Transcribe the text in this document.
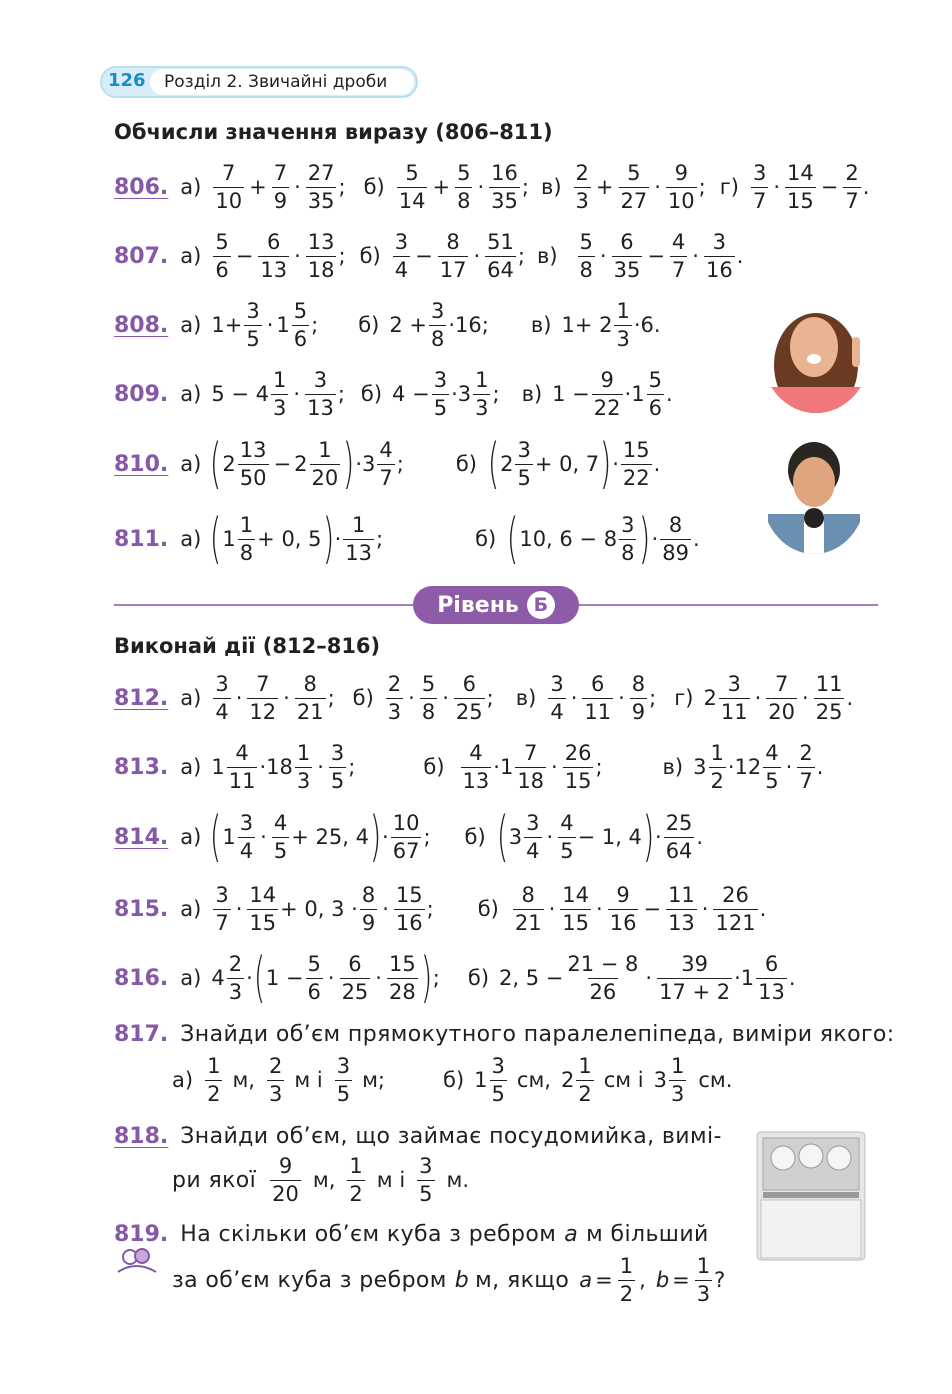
126 Розділ 2. Звичайні дроби
Обчисли значення виразу (806–811)
806. а)
7
10
+ $\frac{7}{9}$ ·
27
35
; б)
5
14
+ $\frac{5}{8}$ ·
16
35
; в)
2
3
+ $\frac{5}{27}$ ·
9
10
; г)
3
7
·
14
15
− $\frac{2}{7}$ .
807. а)
5
6
− $\frac{6}{13}$ ·
13
18
; б)
3
4
− $\frac{8}{17}$ ·
51
64
; в)
5
8
·
6
35
− $\frac{4}{7}$ ·
3
16
.
808. а) $1+ \frac{3}{5} \cdot 1$
5
6
; б) $2 + \frac{3}{8} \cdot 16$; в) 1+ 2
1
3
·6.
809. а) 5 − 4
1
3
·
3
13
; б) $4 - \frac{3}{5} \cdot 3$
1
3
; в) $1 - \frac{9}{22} \cdot 1$
5
6
.
810. а) ( 2
13
50
− 2
1
20 ) ·3
4
7
; б) ( 2
3
5
+ 0, 7 ) ·
15
22
.
811. а) ( 1
1
8
+ 0, 5 ) ·
1
13
;	б) ( 10, 6 − 8
3
8 ) ·
8
89
.
Рівень Б
Виконай дії (812–816)
812. а)
3
4
·
7
12
·
8
21
; б)
2
3
·
5
8
·
6
25
; в)
3
4
·
6
11
·
8
9
; г) 2
3
11
·
7
20
·
11
25
.
813. а) 1
4
11
·18
1
3
·
3
5
;	б)
4
13
·1
7
18
·
26
15
;	в) 3
1
2
·12
4
5
·
2
7
.
814. а) ( 1
3
4
·
4
5
+ 25, 4 ) ·
10
67
; б) ( 3
3
4
·
4
5
− 1, 4 ) ·
25
64
.
815. а)
3
7
·
14
15
+ 0, 3 ·
8
9
·
15
16
; б)
8
21
·
14
15
·
9
16
− $\frac{11}{13}$ ·
26
121
.
816. а) 4
2
3
· ( $1 - \frac{5}{6}$ ·
6
25
·
15
28 ) ; б) 2, $5 - \frac{21 - 8}{26}$ ·
39
17 + 2
·1
6
13
.
817. Знайди об’єм прямокутного паралелепіпеда, виміри якого:
а)
1
2
м,
2
3
м і
3
5
м;	б) 1
3
5
см, 2
1
2
см і 3
1
3
см.
818. Знайди об’єм, що займає посудомийка, вимі-
ри якої
9
20
м,
1
2
м і
3
5
м.
819. На скільки об’єм куба з ребром a м більший
за об’єм куба з ребром b м, якщо $a = \frac{1}{2}$ , $b = \frac{1}{3}$ ?
